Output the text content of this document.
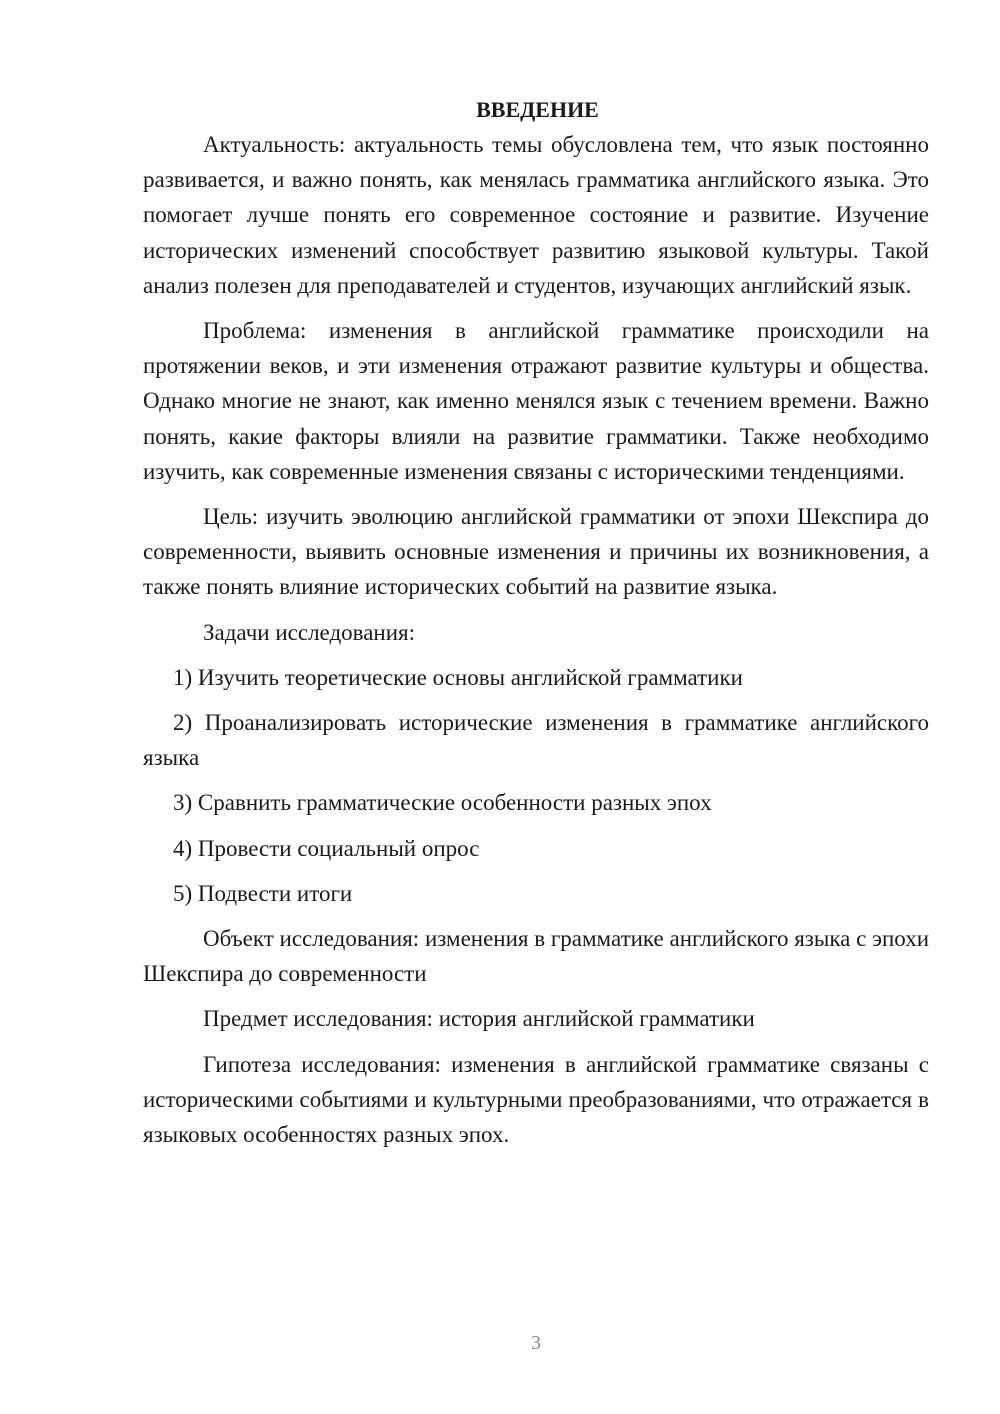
ВВЕДЕНИЕ

Актуальность: актуальность темы обусловлена тем, что язык постоянно развивается, и важно понять, как менялась грамматика английского языка. Это помогает лучше понять его современное состояние и развитие. Изучение исторических изменений способствует развитию языковой культуры. Такой анализ полезен для преподавателей и студентов, изучающих английский язык.

Проблема: изменения в английской грамматике происходили на протяжении веков, и эти изменения отражают развитие культуры и общества. Однако многие не знают, как именно менялся язык с течением времени. Важно понять, какие факторы влияли на развитие грамматики. Также необходимо изучить, как современные изменения связаны с историческими тенденциями.

Цель: изучить эволюцию английской грамматики от эпохи Шекспира до современности, выявить основные изменения и причины их возникновения, а также понять влияние исторических событий на развитие языка.

Задачи исследования:

1) Изучить теоретические основы английской грамматики

2) Проанализировать исторические изменения в грамматике английского языка

3) Сравнить грамматические особенности разных эпох

4) Провести социальный опрос

5) Подвести итоги

Объект исследования: изменения в грамматике английского языка с эпохи Шекспира до современности

Предмет исследования: история английской грамматики

Гипотеза исследования: изменения в английской грамматике связаны с историческими событиями и культурными преобразованиями, что отражается в языковых особенностях разных эпох.

3
